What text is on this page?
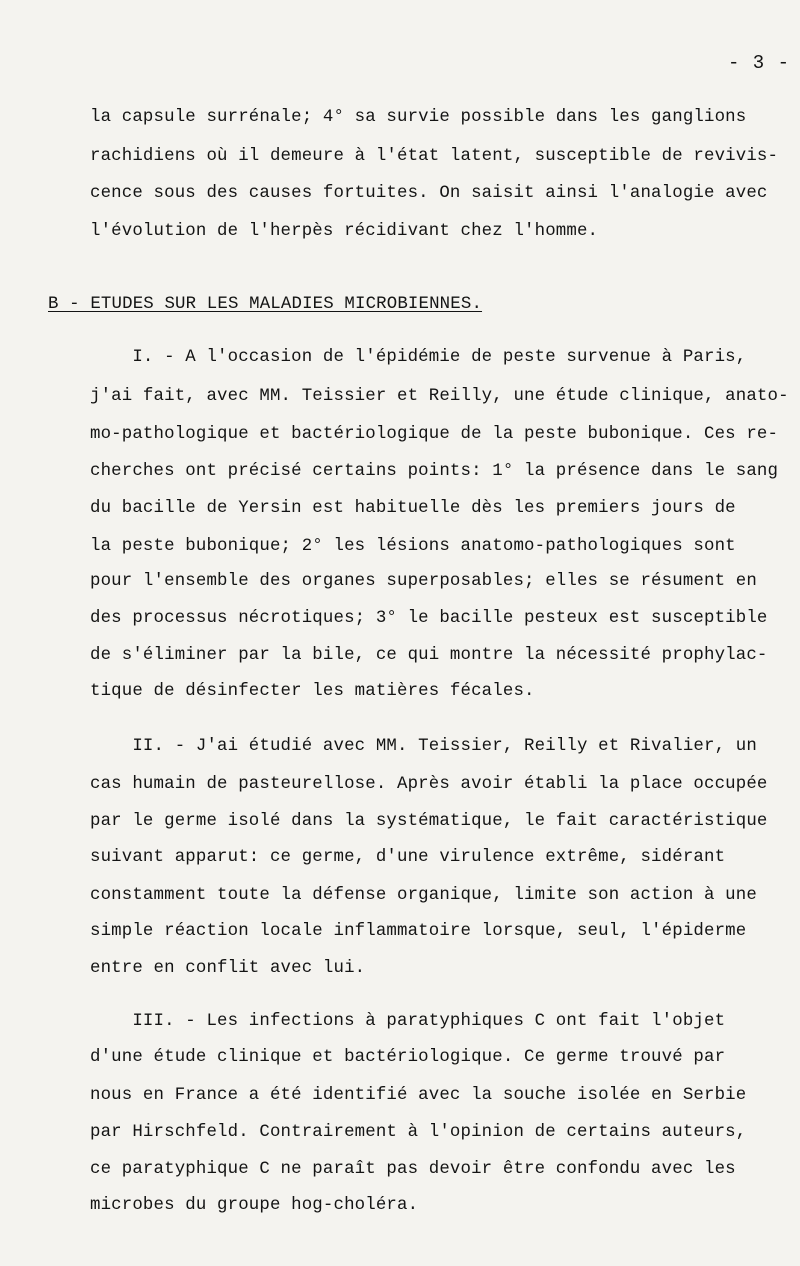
- 3 -
la capsule surrénale; 4° sa survie possible dans les ganglions
rachidiens où il demeure à l'état latent, susceptible de revivis-
cence sous des causes fortuites. On saisit ainsi l'analogie avec
l'évolution de l'herpès récidivant chez l'homme.
B - ETUDES SUR LES MALADIES MICROBIENNES.
I. - A l'occasion de l'épidémie de peste survenue à Paris,
j'ai fait, avec MM. Teissier et Reilly, une étude clinique, anato-
mo-pathologique et bactériologique de la peste bubonique. Ces re-
cherches ont précisé certains points: 1° la présence dans le sang
du bacille de Yersin est habituelle dès les premiers jours de
la peste bubonique; 2° les lésions anatomo-pathologiques sont
pour l'ensemble des organes superposables; elles se résument en
des processus nécrotiques; 3° le bacille pesteux est susceptible
de s'éliminer par la bile, ce qui montre la nécessité prophylac-
tique de désinfecter les matières fécales.
II. - J'ai étudié avec MM. Teissier, Reilly et Rivalier, un
cas humain de pasteurellose. Après avoir établi la place occupée
par le germe isolé dans la systématique, le fait caractéristique
suivant apparut: ce germe, d'une virulence extrême, sidérant
constamment toute la défense organique, limite son action à une
simple réaction locale inflammatoire lorsque, seul, l'épiderme
entre en conflit avec lui.
III. - Les infections à paratyphiques C ont fait l'objet
d'une étude clinique et bactériologique. Ce germe trouvé par
nous en France a été identifié avec la souche isolée en Serbie
par Hirschfeld. Contrairement à l'opinion de certains auteurs,
ce paratyphique C ne paraît pas devoir être confondu avec les
microbes du groupe hog-choléra.
